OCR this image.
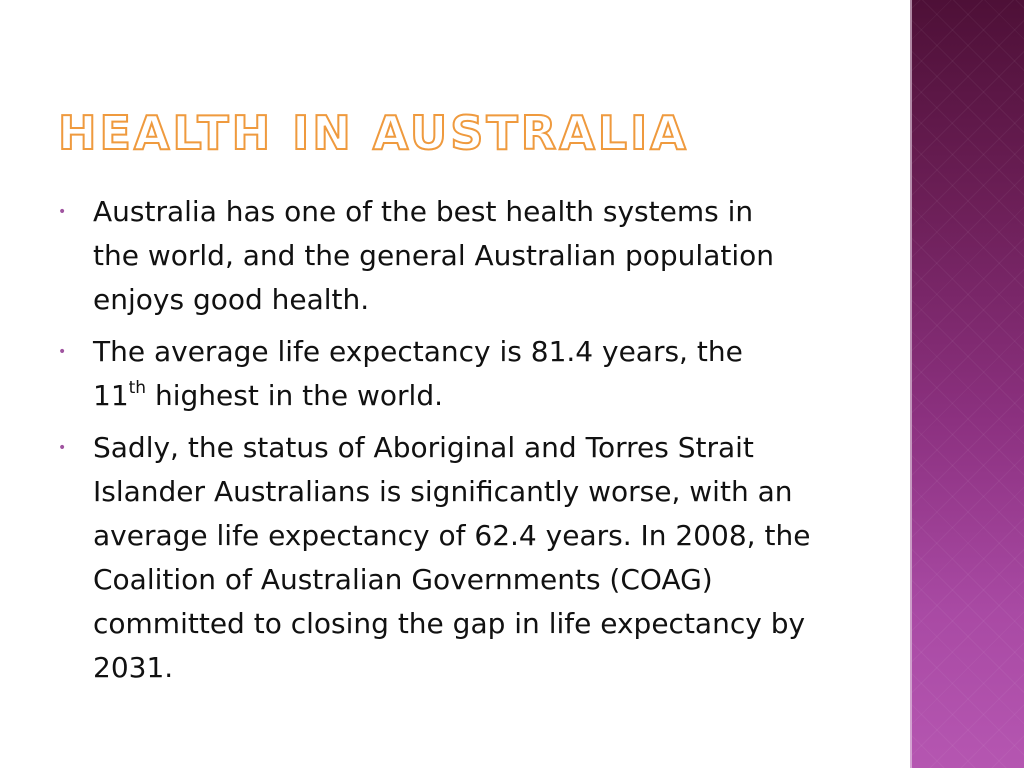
HEALTH IN AUSTRALIA
• Australia has one of the best health systems in the world, and the general Australian population enjoys good health.
• The average life expectancy is 81.4 years, the 11th highest in the world.
• Sadly, the status of Aboriginal and Torres Strait Islander Australians is significantly worse, with an average life expectancy of 62.4 years. In 2008, the Coalition of Australian Governments (COAG) committed to closing the gap in life expectancy by 2031.
